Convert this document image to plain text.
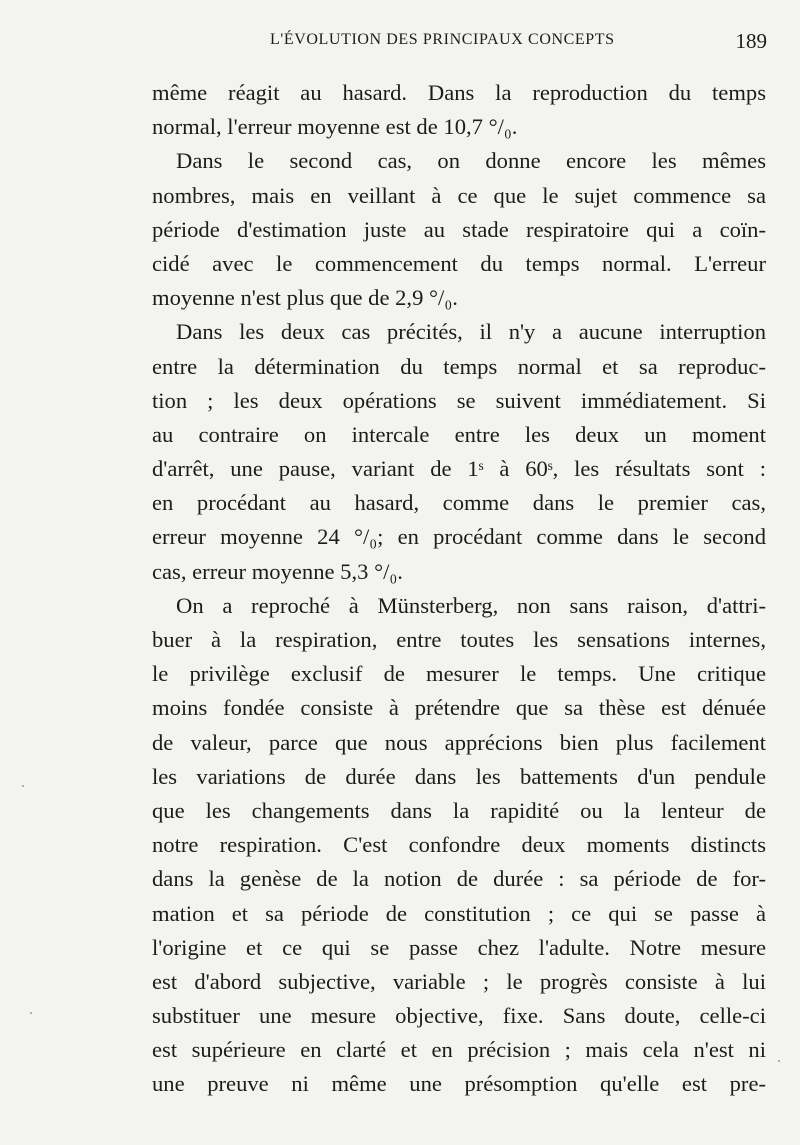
L'ÉVOLUTION DES PRINCIPAUX CONCEPTS	189
même réagit au hasard. Dans la reproduction du temps
normal, l'erreur moyenne est de 10,7 °/₀.
Dans le second cas, on donne encore les mêmes
nombres, mais en veillant à ce que le sujet commence sa
période d'estimation juste au stade respiratoire qui a coïn-
cidé avec le commencement du temps normal. L'erreur
moyenne n'est plus que de 2,9 °/₀.
Dans les deux cas précités, il n'y a aucune interruption
entre la détermination du temps normal et sa reproduc-
tion ; les deux opérations se suivent immédiatement. Si
au contraire on intercale entre les deux un moment
d'arrêt, une pause, variant de 1ˢ à 60ˢ, les résultats sont :
en procédant au hasard, comme dans le premier cas,
erreur moyenne 24 °/₀; en procédant comme dans le second
cas, erreur moyenne 5,3 °/₀.
On a reproché à Münsterberg, non sans raison, d'attri-
buer à la respiration, entre toutes les sensations internes,
le privilège exclusif de mesurer le temps. Une critique
moins fondée consiste à prétendre que sa thèse est dénuée
de valeur, parce que nous apprécions bien plus facilement
les variations de durée dans les battements d'un pendule
que les changements dans la rapidité ou la lenteur de
notre respiration. C'est confondre deux moments distincts
dans la genèse de la notion de durée : sa période de for-
mation et sa période de constitution ; ce qui se passe à
l'origine et ce qui se passe chez l'adulte. Notre mesure
est d'abord subjective, variable ; le progrès consiste à lui
substituer une mesure objective, fixe. Sans doute, celle-ci
est supérieure en clarté et en précision ; mais cela n'est ni
une preuve ni même une présomption qu'elle est pre-
